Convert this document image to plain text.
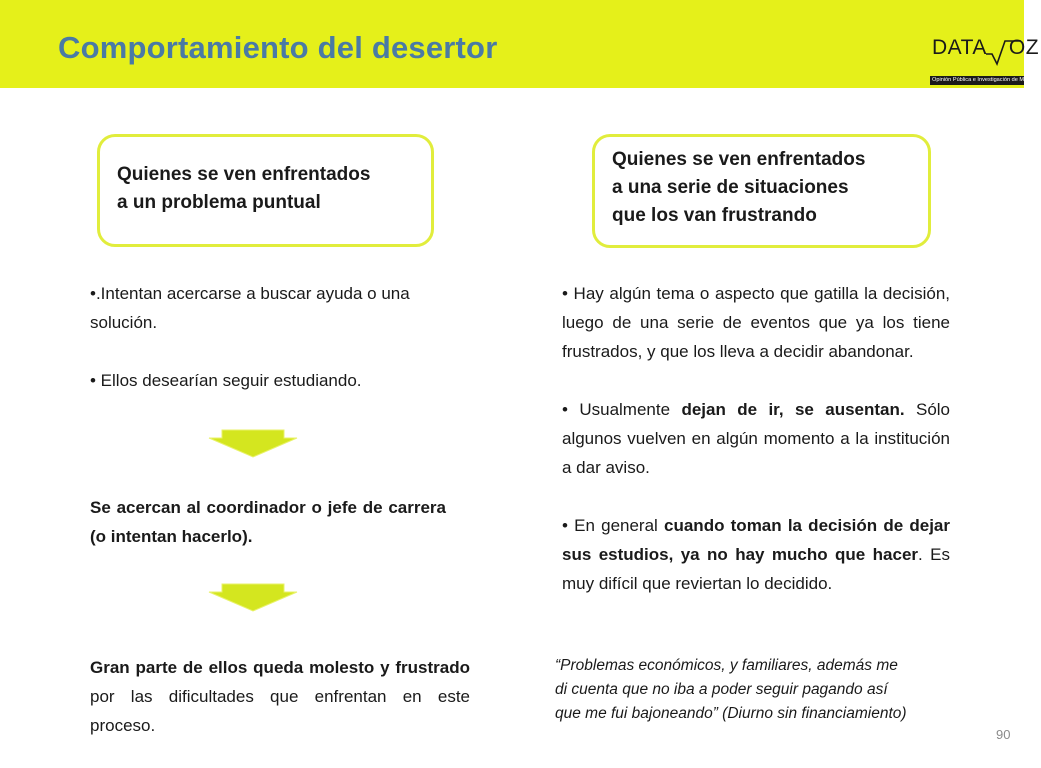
Comportamiento del desertor	DATA OZ
Opinión Pública e Investigación de Mercado
Quienes se ven enfrentados
a un problema puntual
Quienes se ven enfrentados
a una serie de situaciones
que los van frustrando

•.Intentan acercarse a buscar ayuda o una solución.

• Ellos desearían seguir estudiando.

Se acercan al coordinador o jefe de carrera (o intentan hacerlo).
Gran parte de ellos queda molesto y frustrado por las dificultades que enfrentan en este proceso.

• Hay algún tema o aspecto que gatilla la decisión, luego de una serie de eventos que ya los tiene frustrados, y que los lleva a decidir abandonar.

• Usualmente dejan de ir, se ausentan. Sólo algunos vuelven en algún momento a la institución a dar aviso.

• En general cuando toman la decisión de dejar sus estudios, ya no hay mucho que hacer. Es muy difícil que reviertan lo decidido.

“Problemas económicos, y familiares, además me
di cuenta que no iba a poder seguir pagando así
que me fui bajoneando” (Diurno sin financiamiento)
90
